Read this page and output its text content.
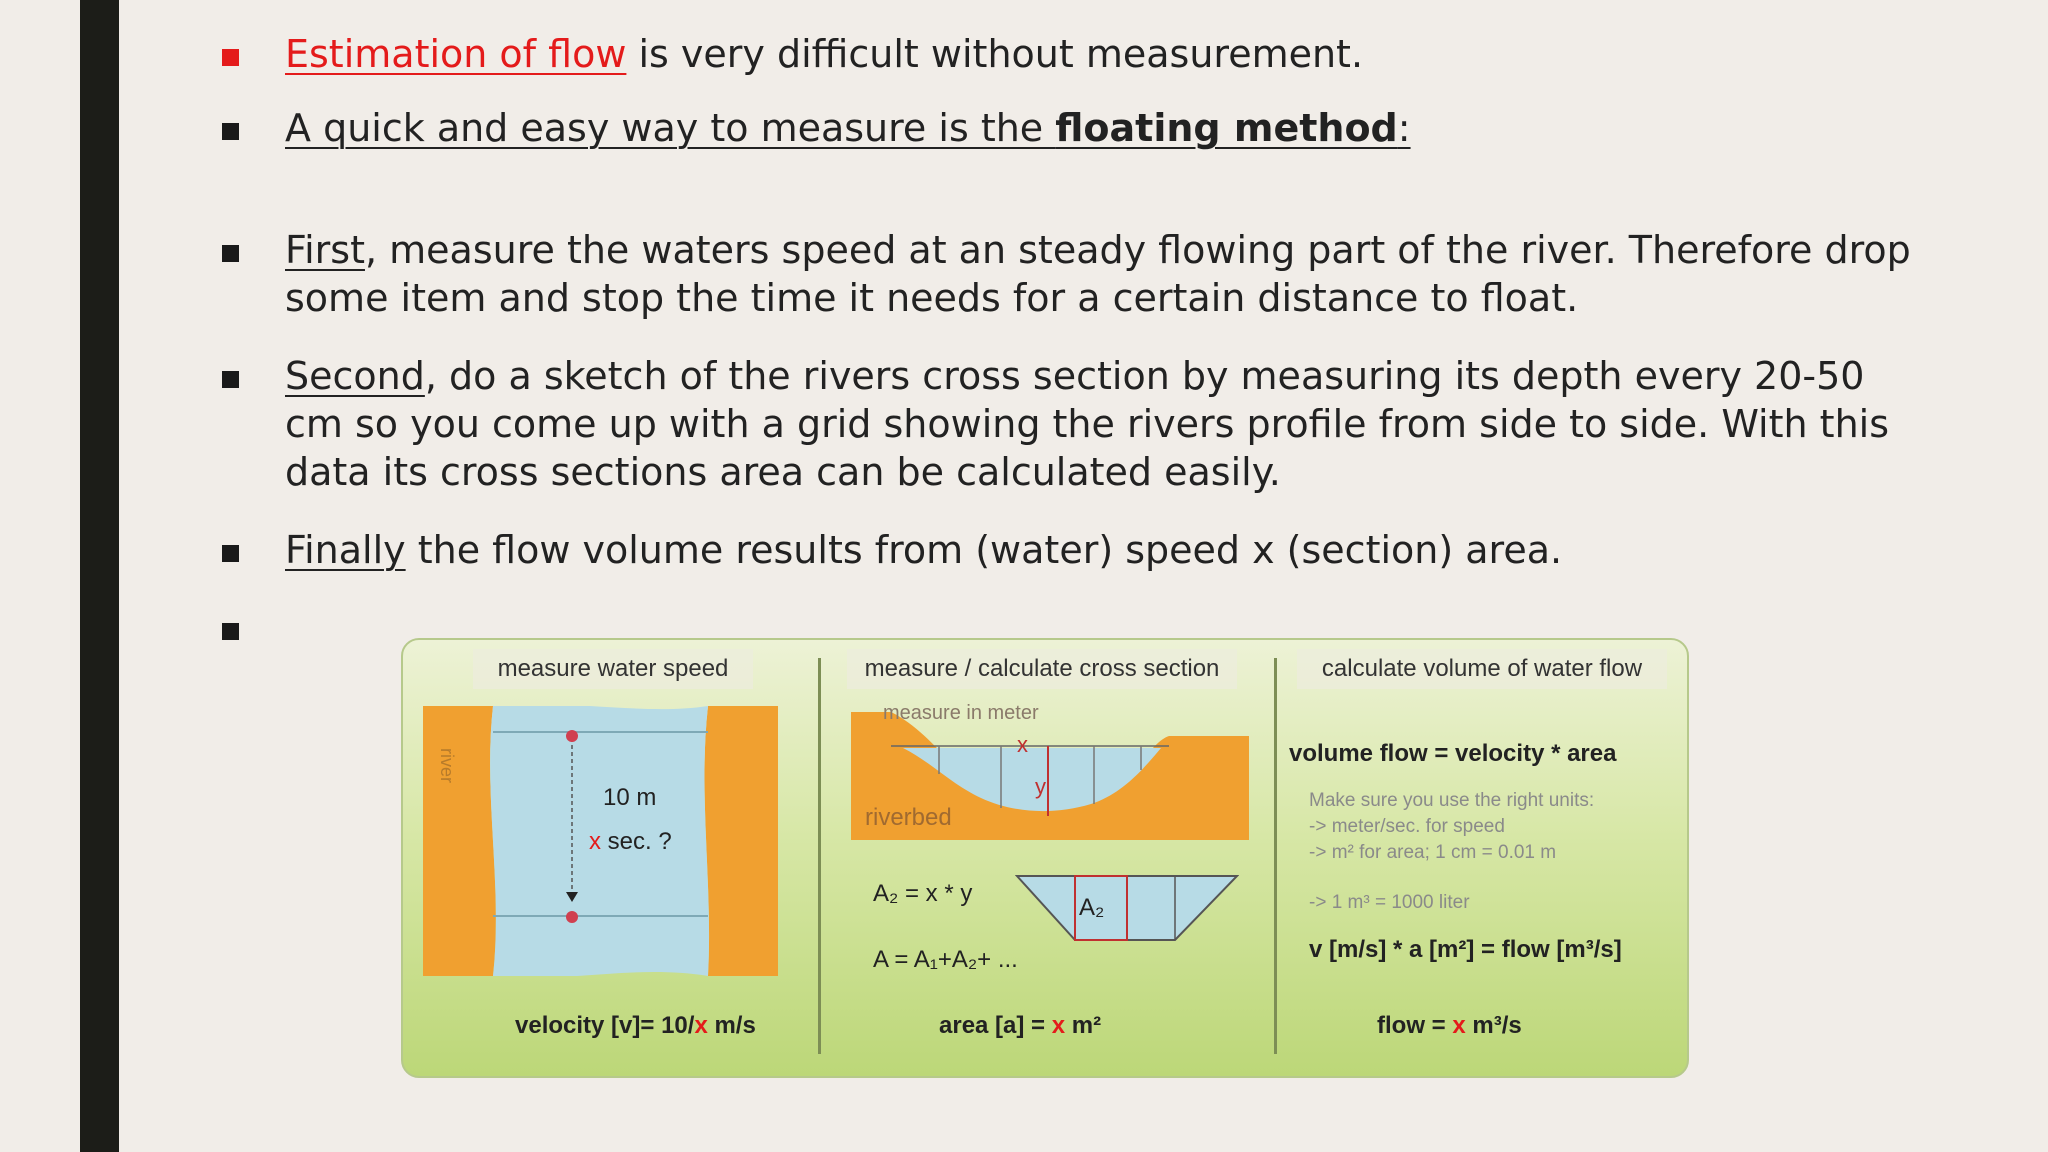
Estimation of flow is very difficult without measurement.
A quick and easy way to measure is the floating method:
First, measure the waters speed at an steady flowing part of the river. Therefore drop some item and stop the time it needs for a certain distance to float.
Second, do a sketch of the rivers cross section by measuring its depth every 20-50 cm so you come up with a grid showing the rivers profile from side to side. With this data its cross sections area can be calculated easily.
Finally the flow volume results from (water) speed x (section) area.
measure water speed
river
10 m
x sec. ?
velocity [v]= 10/x m/s
measure / calculate cross section
measure in meter
x
y
riverbed
A₂
A₂ = x * y
A = A₁+A₂+ ...
area [a] = x m²
calculate volume of water flow
volume flow = velocity * area
Make sure you use the right units:
-> meter/sec. for speed
-> m² for area; 1 cm = 0.01 m
-> 1 m³ = 1000 liter
v [m/s] * a [m²] = flow [m³/s]
flow = x m³/s
